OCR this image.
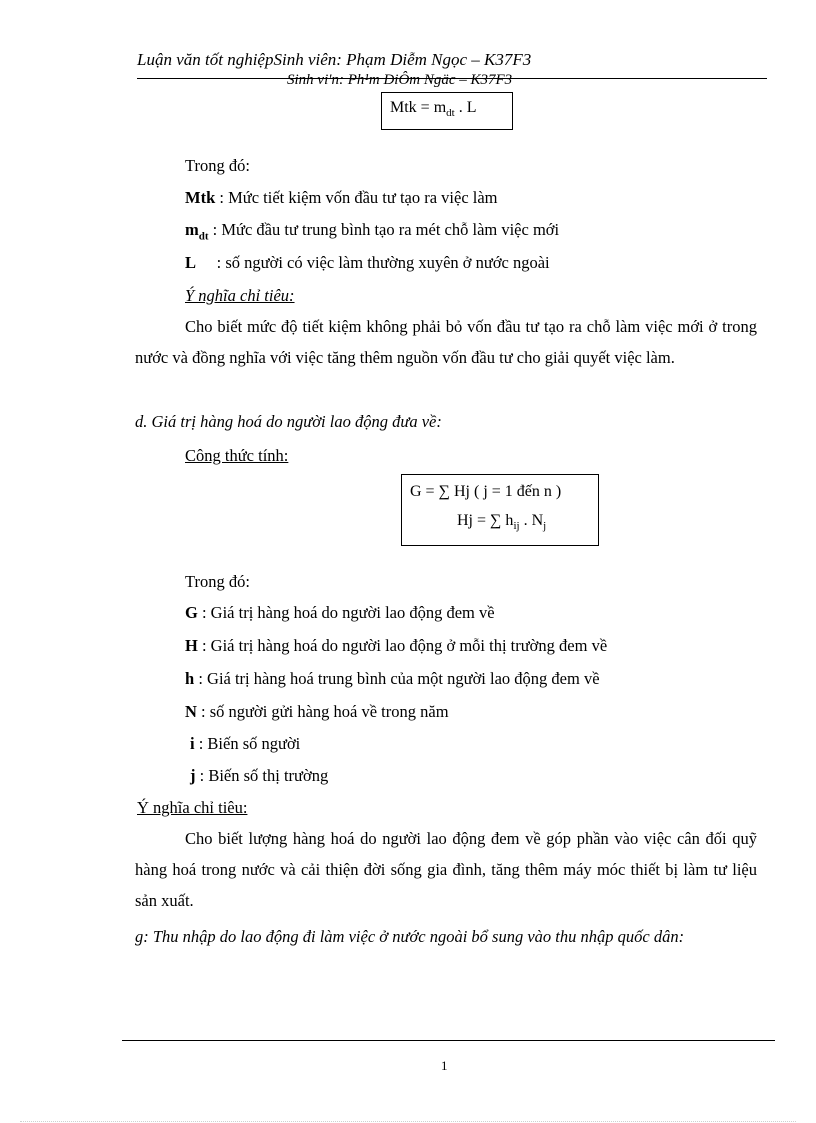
Luận văn tốt nghiệpSinh viên: Phạm Diễm Ngọc – K37F3
Sinh vi'n: Ph¹m DiÔm Ngäc – K37F3
Mtk = $m_{dt}$ . L
Trong đó:
Mtk : Mức tiết kiệm vốn đầu tư tạo ra việc làm
$m_{dt}$ : Mức đầu tư trung bình tạo ra mét chỗ làm việc mới
L     : số người có việc làm thường xuyên ở nước ngoài
Ý nghĩa chỉ tiêu:
Cho biết mức độ tiết kiệm không phải bỏ vốn đầu tư tạo ra chỗ làm việc mới ở trong nước và đồng nghĩa với việc tăng thêm nguồn vốn đầu tư cho giải quyết việc làm.
d. Giá trị hàng hoá do người lao động đưa về:
Công thức tính:
G = ∑ Hj ( j = 1 đến n )
Hj = ∑ $h_{ij}$ . $N_j$
Trong đó:
G : Giá trị hàng hoá do người lao động đem về
H : Giá trị hàng hoá do người lao động ở mỗi thị trường đem về
h : Giá trị hàng hoá trung bình của một người lao động đem về
N : số người gửi hàng hoá về trong năm
i : Biến số người
j : Biến số thị trường
Ý nghĩa chỉ tiêu:
Cho biết lượng hàng hoá do người lao động đem về góp phần vào việc cân đối quỹ hàng hoá trong nước và cải thiện đời sống gia đình, tăng thêm máy móc thiết bị làm tư liệu sản xuất.
g: Thu nhập do lao động đi làm việc ở nước ngoài bổ sung vào thu nhập quốc dân:
1
